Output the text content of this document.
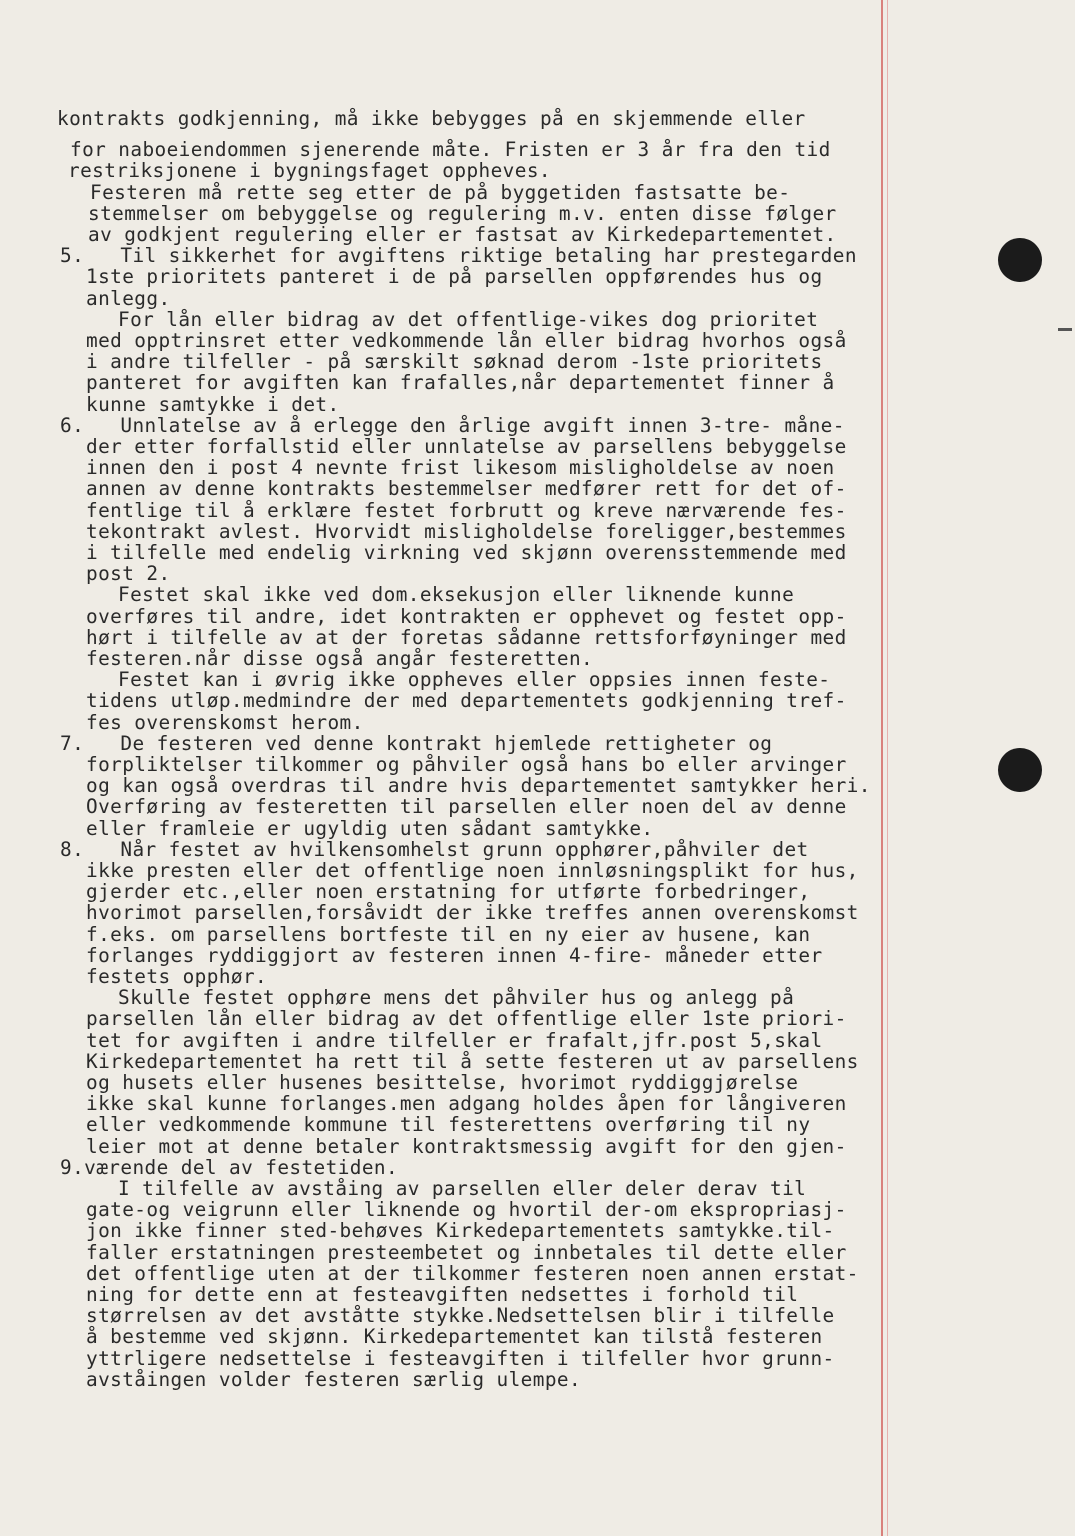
kontrakts godkjenning, må ikke bebygges på en skjemmende eller
for naboeiendommen sjenerende måte. Fristen er 3 år fra den tid
restriksjonene i bygningsfaget oppheves.
Festeren må rette seg etter de på byggetiden fastsatte be-
stemmelser om bebyggelse og regulering m.v. enten disse følger
av godkjent regulering eller er fastsat av Kirkedepartementet.
5.   Til sikkerhet for avgiftens riktige betaling har prestegarden
1ste prioritets panteret i de på parsellen oppførendes hus og
anlegg.
For lån eller bidrag av det offentlige-vikes dog prioritet
med opptrinsret etter vedkommende lån eller bidrag hvorhos også
i andre tilfeller - på særskilt søknad derom -1ste prioritets
panteret for avgiften kan frafalles,når departementet finner å
kunne samtykke i det.
6.   Unnlatelse av å erlegge den årlige avgift innen 3-tre- måne-
der etter forfallstid eller unnlatelse av parsellens bebyggelse
innen den i post 4 nevnte frist likesom misligholdelse av noen
annen av denne kontrakts bestemmelser medfører rett for det of-
fentlige til å erklære festet forbrutt og kreve nærværende fes-
tekontrakt avlest. Hvorvidt misligholdelse foreligger,bestemmes
i tilfelle med endelig virkning ved skjønn overensstemmende med
post 2.
Festet skal ikke ved dom.eksekusjon eller liknende kunne
overføres til andre, idet kontrakten er opphevet og festet opp-
hørt i tilfelle av at der foretas sådanne rettsforføyninger med
festeren.når disse også angår festeretten.
Festet kan i øvrig ikke oppheves eller oppsies innen feste-
tidens utløp.medmindre der med departementets godkjenning tref-
fes overenskomst herom.
7.   De festeren ved denne kontrakt hjemlede rettigheter og
forpliktelser tilkommer og påhviler også hans bo eller arvinger
og kan også overdras til andre hvis departementet samtykker heri.
Overføring av festeretten til parsellen eller noen del av denne
eller framleie er ugyldig uten sådant samtykke.
8.   Når festet av hvilkensomhelst grunn opphører,påhviler det
ikke presten eller det offentlige noen innløsningsplikt for hus,
gjerder etc.,eller noen erstatning for utførte forbedringer,
hvorimot parsellen,forsåvidt der ikke treffes annen overenskomst
f.eks. om parsellens bortfeste til en ny eier av husene, kan
forlanges ryddiggjort av festeren innen 4-fire- måneder etter
festets opphør.
Skulle festet opphøre mens det påhviler hus og anlegg på
parsellen lån eller bidrag av det offentlige eller 1ste priori-
tet for avgiften i andre tilfeller er frafalt,jfr.post 5,skal
Kirkedepartementet ha rett til å sette festeren ut av parsellens
og husets eller husenes besittelse, hvorimot ryddiggjørelse
ikke skal kunne forlanges.men adgang holdes åpen for långiveren
eller vedkommende kommune til festerettens overføring til ny
leier mot at denne betaler kontraktsmessig avgift for den gjen-
9.værende del av festetiden.
I tilfelle av avståing av parsellen eller deler derav til
gate-og veigrunn eller liknende og hvortil der-om ekspropriasj-
jon ikke finner sted-behøves Kirkedepartementets samtykke.til-
faller erstatningen presteembetet og innbetales til dette eller
det offentlige uten at der tilkommer festeren noen annen erstat-
ning for dette enn at festeavgiften nedsettes i forhold til
størrelsen av det avståtte stykke.Nedsettelsen blir i tilfelle
å bestemme ved skjønn. Kirkedepartementet kan tilstå festeren
yttrligere nedsettelse i festeavgiften i tilfeller hvor grunn-
avståingen volder festeren særlig ulempe.
